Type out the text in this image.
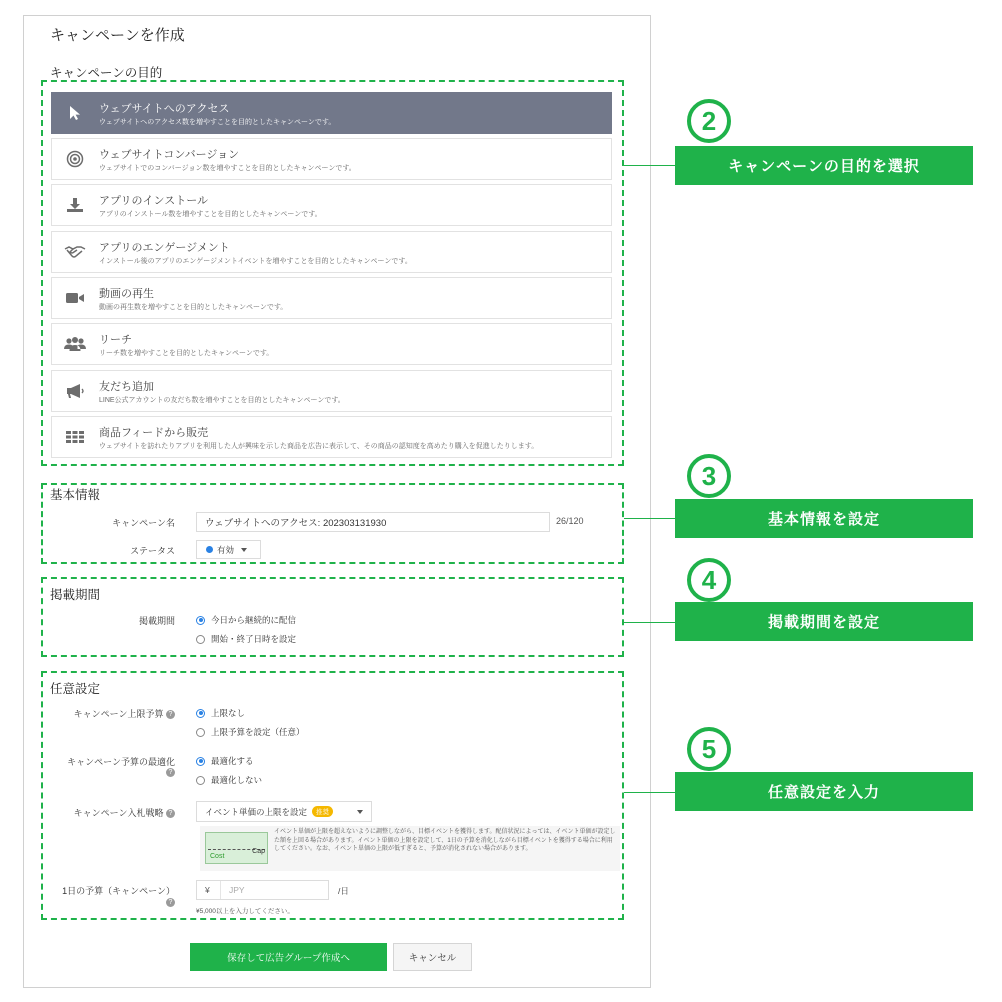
キャンペーンを作成
キャンペーンの目的
ウェブサイトへのアクセス
ウェブサイトへのアクセス数を増やすことを目的としたキャンペーンです。
ウェブサイトコンバージョン
ウェブサイトでのコンバージョン数を増やすことを目的としたキャンペーンです。
アプリのインストール
アプリのインストール数を増やすことを目的としたキャンペーンです。
アプリのエンゲージメント
インストール後のアプリのエンゲージメントイベントを増やすことを目的としたキャンペーンです。
動画の再生
動画の再生数を増やすことを目的としたキャンペーンです。
リーチ
リーチ数を増やすことを目的としたキャンペーンです。
友だち追加
LINE公式アカウントの友だち数を増やすことを目的としたキャンペーンです。
商品フィードから販売
ウェブサイトを訪れたりアプリを利用した人が興味を示した商品を広告に表示して、その商品の認知度を高めたり購入を促進したりします。
基本情報
キャンペーン名	ウェブサイトへのアクセス: 202303131930	26/120
ステータス	有効
掲載期間
掲載期間	今日から継続的に配信
開始・終了日時を設定
任意設定
キャンペーン上限予算 ?	上限なし
上限予算を設定（任意）
キャンペーン予算の最適化
?
最適化する
最適化しない
キャンペーン入札戦略 ?	イベント単価の上限を設定	推奨
Cap
Cost
イベント単価が上限を超えないように調整しながら、目標イベントを獲得します。配信状況によっては、イベント単価が設定した額を上回る場合があります。イベント単価の上限を設定して、1日の予算を消化しながら目標イベントを獲得する場合に利用してください。なお、イベント単価の上限が低すぎると、予算が消化されない場合があります。
1日の予算（キャンペーン）
?
¥ JPY	/日
¥5,000以上を入力してください。
保存して広告グループ作成へ	キャンセル
2
キャンペーンの目的を選択
3
基本情報を設定
4
掲載期間を設定
5
任意設定を入力
